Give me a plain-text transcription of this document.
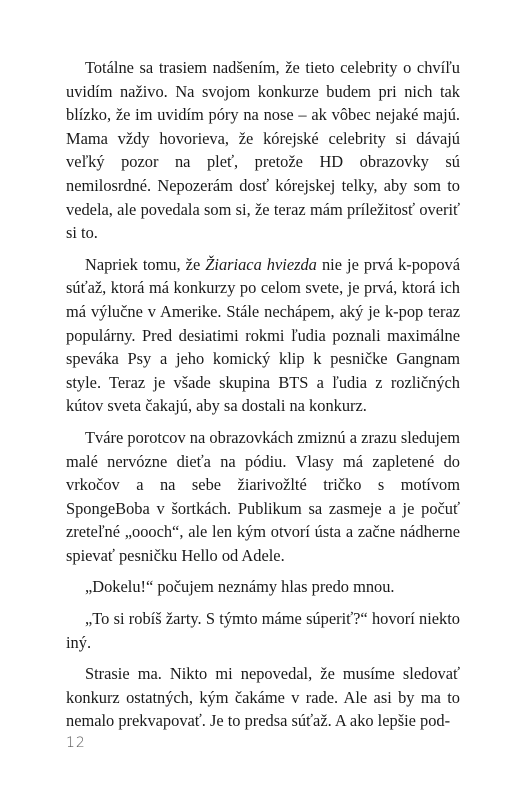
Totálne sa trasiem nadšením, že tieto celebrity o chvíľu uvidím naživo. Na svojom konkurze budem pri nich tak blízko, že im uvidím póry na nose – ak vôbec nejaké majú. Mama vždy hovorieva, že kórejské celebrity si dávajú veľký pozor na pleť, pretože HD obrazovky sú nemilosrdné. Nepozerám dosť kórejskej telky, aby som to vedela, ale povedala som si, že teraz mám príležitosť overiť si to.

Napriek tomu, že Žiariaca hviezda nie je prvá k-popová súťaž, ktorá má konkurzy po celom svete, je prvá, ktorá ich má výlučne v Amerike. Stále nechápem, aký je k-pop teraz populárny. Pred desiatimi rokmi ľudia poznali maximálne speváka Psy a jeho komický klip k pesničke Gangnam style. Teraz je všade skupina BTS a ľudia z rozličných kútov sveta čakajú, aby sa dostali na konkurz.

Tváre porotcov na obrazovkách zmiznú a zrazu sledujem malé nervózne dieťa na pódiu. Vlasy má zapletené do vrkočov a na sebe žiarivožlté tričko s motívom SpongeBoba v šortkách. Publikum sa zasmeje a je počuť zreteľné „oooch“, ale len kým otvorí ústa a začne nádherne spievať pesničku Hello od Adele.

„Dokelu!“ počujem neznámy hlas predo mnou.

„To si robíš žarty. S týmto máme súperiť?“ hovorí niekto iný.

Strasie ma. Nikto mi nepovedal, že musíme sledovať konkurz ostatných, kým čakáme v rade. Ale asi by ma to nemalo prekvapovať. Je to predsa súťaž. A ako lepšie pod-

12
